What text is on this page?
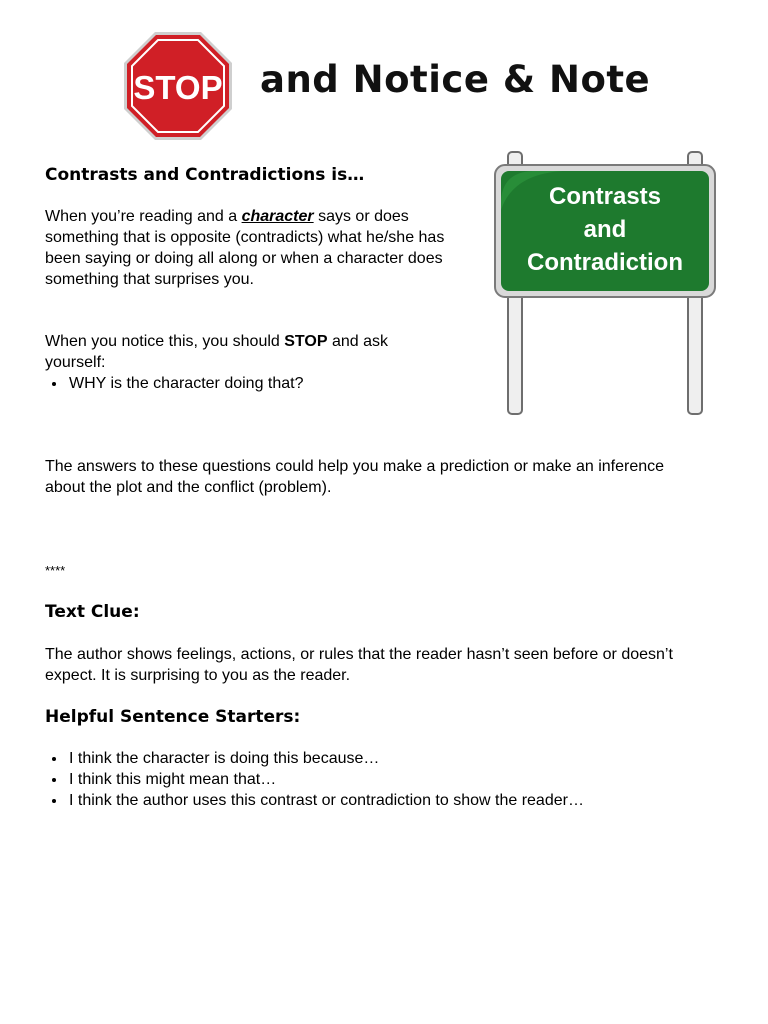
STOP and Notice & Note
Contrasts
and
Contradiction
Contrasts and Contradictions is…

When you’re reading and a character says or does something that is opposite (contradicts) what he/she has been saying or doing all along or when a character does something that surprises you.

When you notice this, you should STOP and ask yourself:

• WHY is the character doing that?

The answers to these questions could help you make a prediction or make an inference about the plot and the conflict (problem).

****

Text Clue:

The author shows feelings, actions, or rules that the reader hasn’t seen before or doesn’t expect. It is surprising to you as the reader.

Helpful Sentence Starters:
• I think the character is doing this because…
• I think this might mean that…
• I think the author uses this contrast or contradiction to show the reader…
